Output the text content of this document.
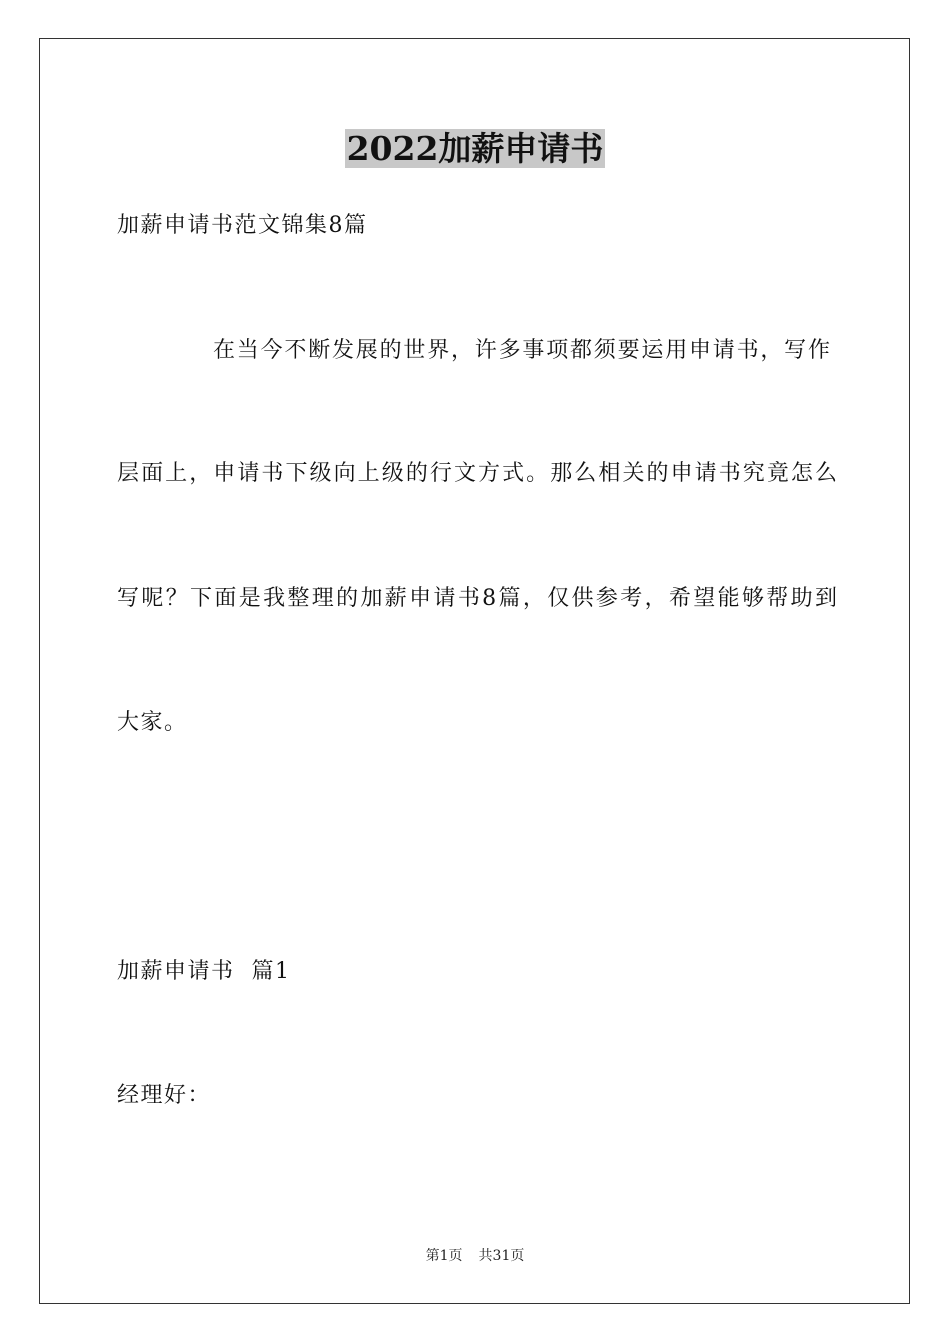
2022加薪申请书

加薪申请书范文锦集8篇

在当今不断发展的世界，许多事项都须要运用申请书，写作

层面上，申请书下级向上级的行文方式。那么相关的申请书究竟怎么

写呢？下面是我整理的加薪申请书8篇，仅供参考，希望能够帮助到

大家。

加薪申请书  篇1

经理好：

第1页 共31页
